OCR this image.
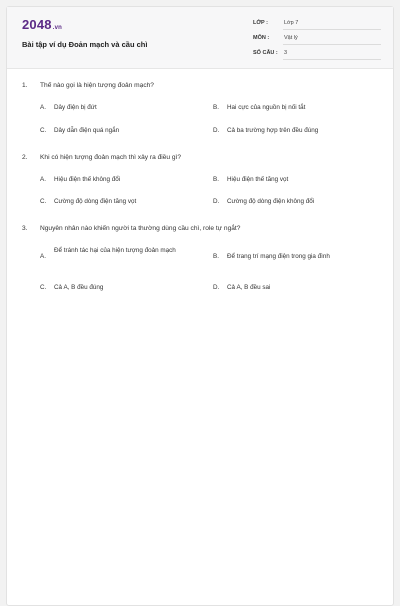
2048.vn
Bài tập ví dụ Đoản mạch và cầu chì
LỚP :	Lớp 7
MÔN :	Vật lý
SỐ CÂU : 3
1. Thế nào gọi là hiện tượng đoản mạch?
A. Dây điện bị đứt	B. Hai cực của nguồn bị nối tắt
C. Dây dẫn điện quá ngắn	D. Cả ba trường hợp trên đều đúng
2. Khi có hiện tượng đoản mạch thì xảy ra điều gì?
A. Hiệu điện thế không đổi	B. Hiệu điện thế tăng vọt
C. Cường độ dòng điện tăng vọt	D. Cường độ dòng điện không đổi
3. Nguyên nhân nào khiến người ta thường dùng cầu chì, role tự ngắt?
A.
Để tránh tác hại của hiện tượng đoản mạch
B. Để trang trí mạng điện trong gia đình
C. Cả A, B đều đúng	D. Cả A, B đều sai
